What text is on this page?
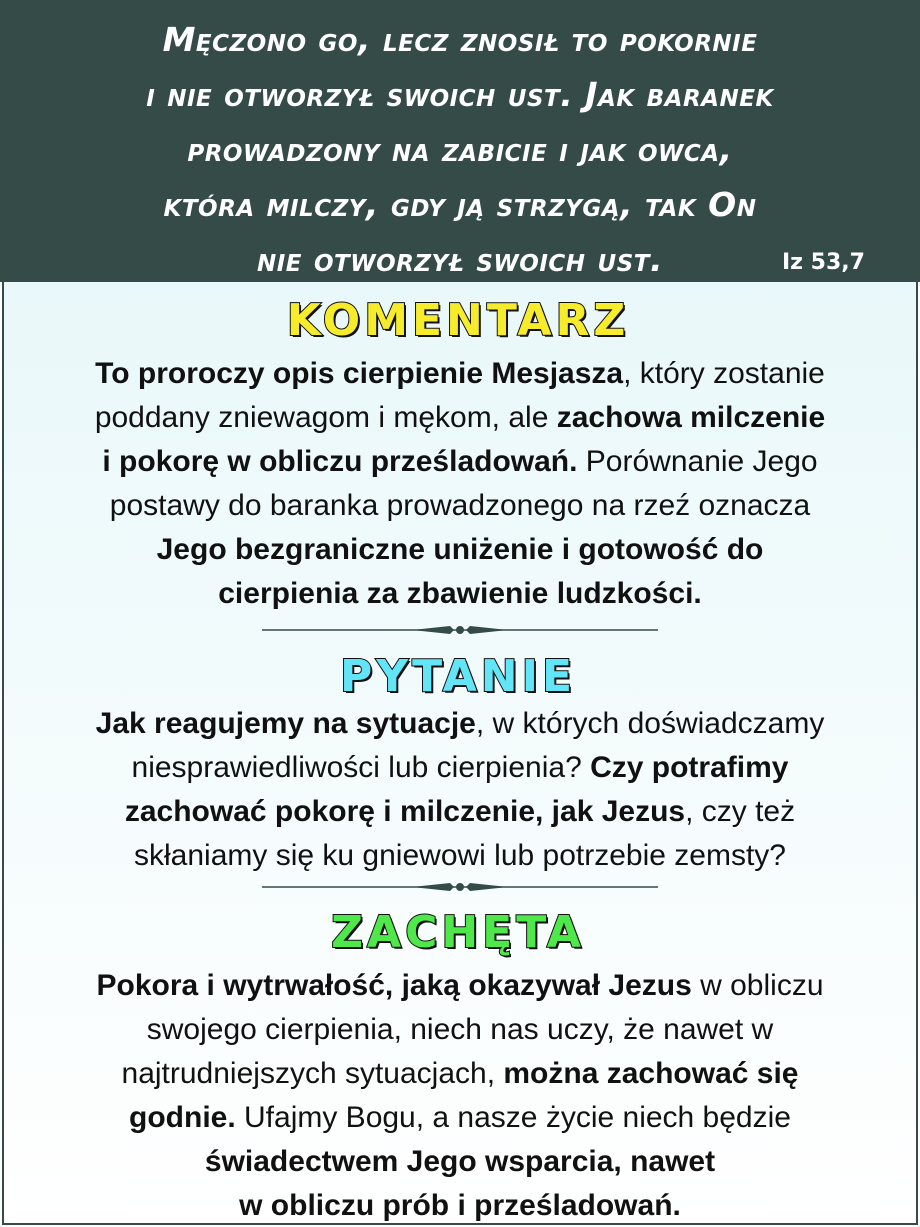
Męczono go, lecz znosił to pokornie
i nie otworzył swoich ust. Jak baranek
prowadzony na zabicie i jak owca,
która milczy, gdy ją strzygą, tak On
nie otworzył swoich ust.	Iz 53,7
KOMENTARZ

To proroczy opis cierpienie Mesjasza, który zostanie
poddany zniewagom i mękom, ale zachowa milczenie
i pokorę w obliczu prześladowań. Porównanie Jego
postawy do baranka prowadzonego na rzeź oznacza
Jego bezgraniczne uniżenie i gotowość do
cierpienia za zbawienie ludzkości.

PYTANIE

Jak reagujemy na sytuacje, w których doświadczamy
niesprawiedliwości lub cierpienia? Czy potrafimy
zachować pokorę i milczenie, jak Jezus, czy też
skłaniamy się ku gniewowi lub potrzebie zemsty?

ZACHĘTA

Pokora i wytrwałość, jaką okazywał Jezus w obliczu
swojego cierpienia, niech nas uczy, że nawet w
najtrudniejszych sytuacjach, można zachować się
godnie. Ufajmy Bogu, a nasze życie niech będzie
świadectwem Jego wsparcia, nawet
w obliczu prób i prześladowań.
